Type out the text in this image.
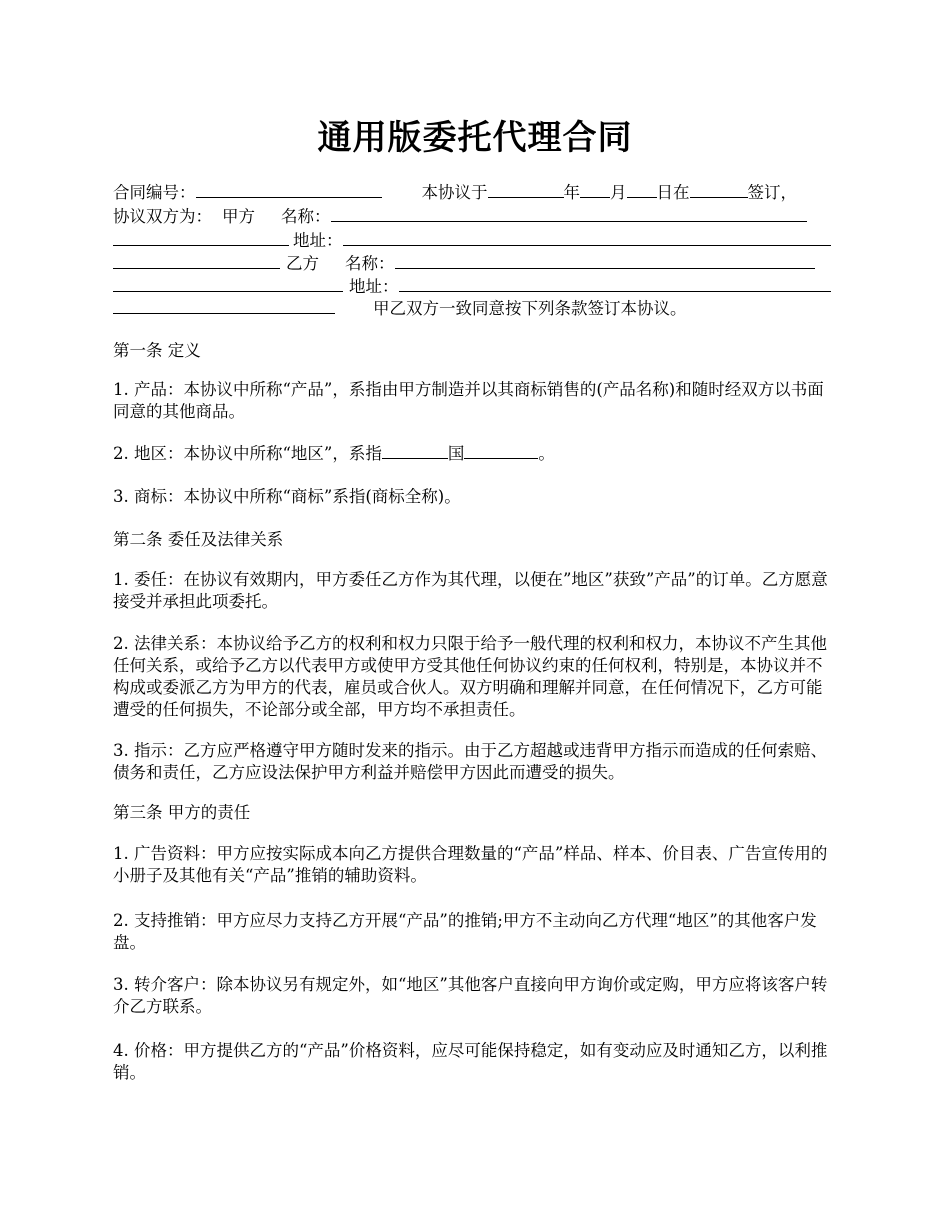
通用版委托代理合同
合同编号：	本协议于	年 月 日在	签订，
协议双方为： 甲方 名称：
地址：
乙方 名称：
地址：
甲乙双方一致同意按下列条款签订本协议。
第一条 定义
1. 产品：本协议中所称“产品”，系指由甲方制造并以其商标销售的(产品名称)和随时经双方以书面同意的其他商品。
2. 地区：本协议中所称“地区”，系指	国	。
3. 商标：本协议中所称“商标”系指(商标全称)。
第二条 委任及法律关系
1. 委任：在协议有效期内，甲方委任乙方作为其代理，以便在”地区”获致”产品”的订单。乙方愿意接受并承担此项委托。
2. 法律关系：本协议给予乙方的权利和权力只限于给予一般代理的权利和权力，本协议不产生其他任何关系，或给予乙方以代表甲方或使甲方受其他任何协议约束的任何权利，特别是，本协议并不构成或委派乙方为甲方的代表，雇员或合伙人。双方明确和理解并同意，在任何情况下，乙方可能遭受的任何损失，不论部分或全部，甲方均不承担责任。
3. 指示：乙方应严格遵守甲方随时发来的指示。由于乙方超越或违背甲方指示而造成的任何索赔、债务和责任，乙方应设法保护甲方利益并赔偿甲方因此而遭受的损失。
第三条 甲方的责任
1. 广告资料：甲方应按实际成本向乙方提供合理数量的“产品”样品、样本、价目表、广告宣传用的小册子及其他有关“产品”推销的辅助资料。
2. 支持推销：甲方应尽力支持乙方开展“产品”的推销;甲方不主动向乙方代理“地区”的其他客户发盘。
3. 转介客户：除本协议另有规定外，如“地区”其他客户直接向甲方询价或定购，甲方应将该客户转介乙方联系。
4. 价格：甲方提供乙方的“产品”价格资料，应尽可能保持稳定，如有变动应及时通知乙方，以利推销。
